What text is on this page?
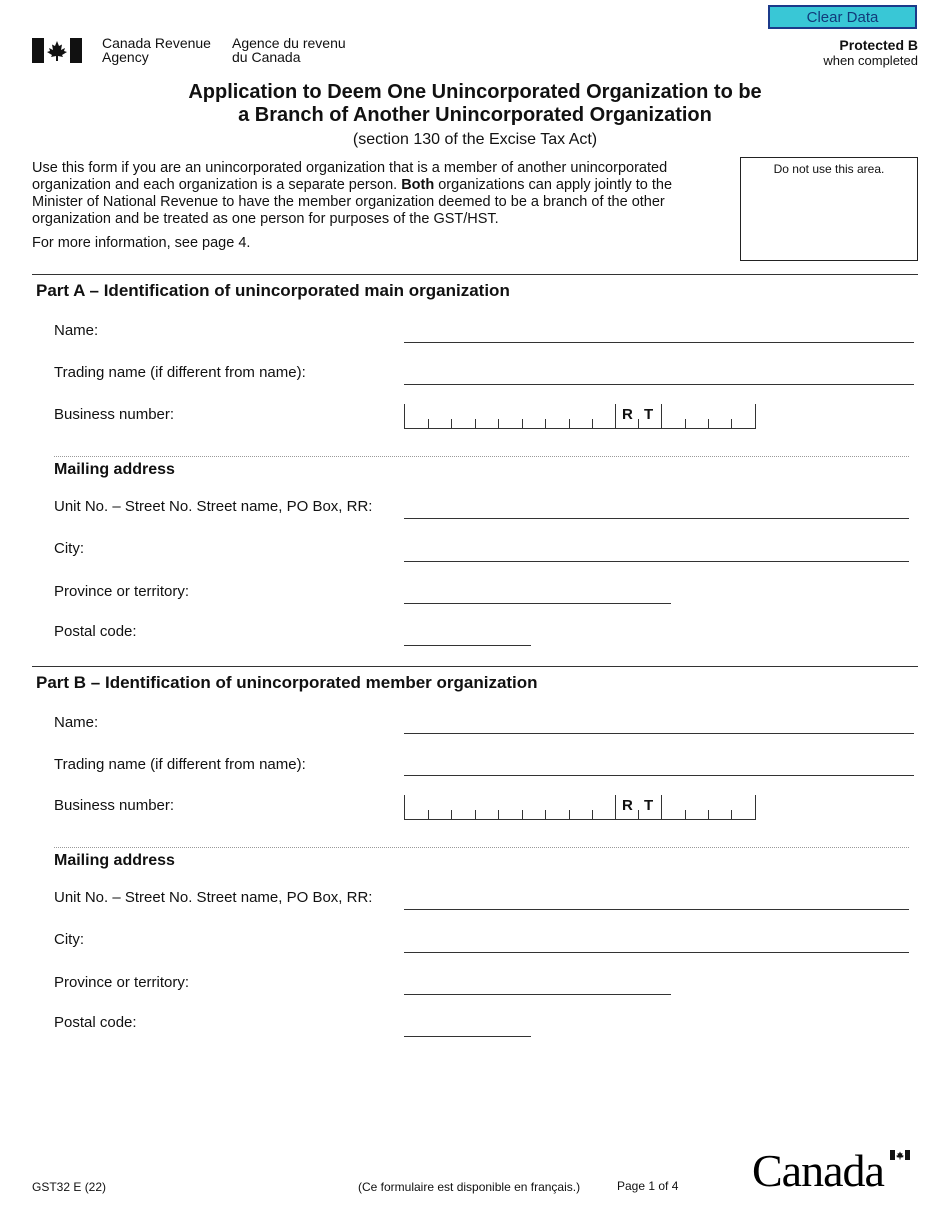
Canada Revenue
Agency
Agence du revenu
du Canada
Clear Data
Protected B
when completed
Application to Deem One Unincorporated Organization to be
a Branch of Another Unincorporated Organization
(section 130 of the Excise Tax Act)
Use this form if you are an unincorporated organization that is a member of another unincorporated organization and each organization is a separate person. Both organizations can apply jointly to the Minister of National Revenue to have the member organization deemed to be a branch of the other organization and be treated as one person for purposes of the GST/HST.
For more information, see page 4.
Do not use this area.
Part A – Identification of unincorporated main organization
Name:
Trading name (if different from name):
Business number:	R T
Mailing address
Unit No. – Street No. Street name, PO Box, RR:
City:
Province or territory:
Postal code:
Part B – Identification of unincorporated member organization
Name:
Trading name (if different from name):
Business number:	R T
Mailing address
Unit No. – Street No. Street name, PO Box, RR:
City:
Province or territory:
Postal code:
GST32 E (22)	(Ce formulaire est disponible en français.)	Page 1 of 4 Canada
